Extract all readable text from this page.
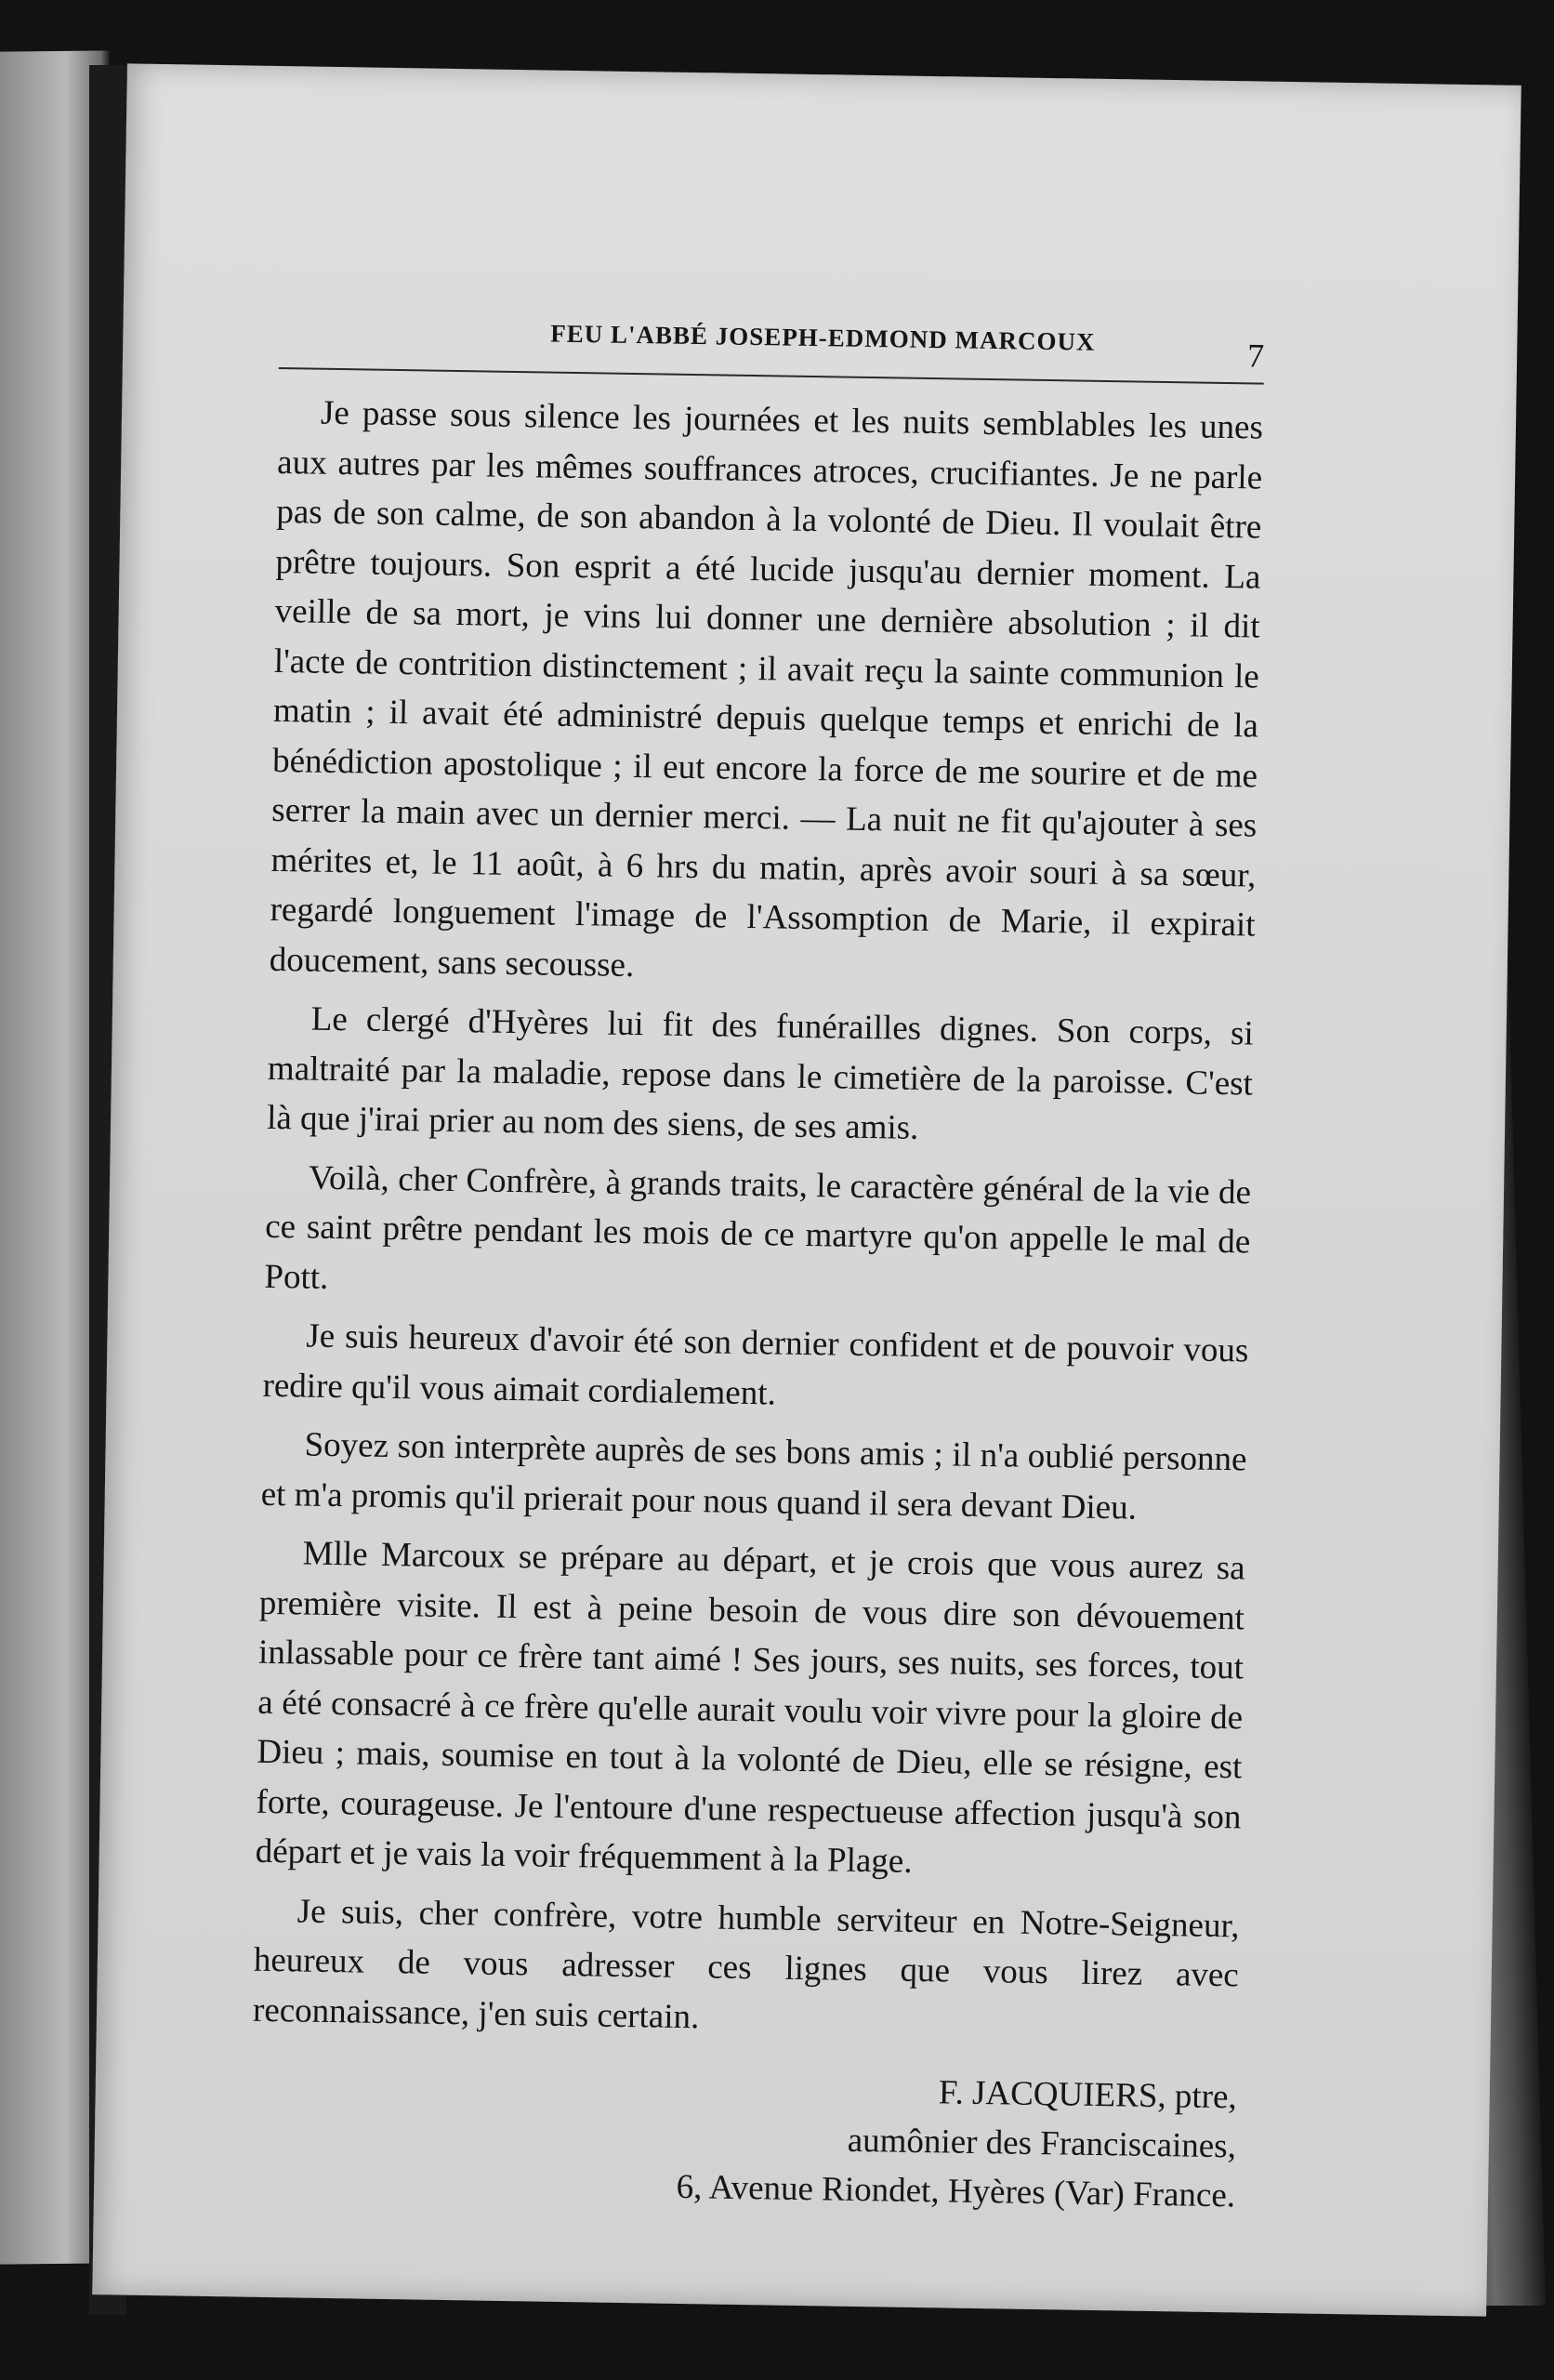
FEU L'ABBÉ JOSEPH-EDMOND MARCOUX	7

Je passe sous silence les journées et les nuits semblables les unes aux autres par les mêmes souffrances atroces, crucifiantes. Je ne parle pas de son calme, de son abandon à la volonté de Dieu. Il voulait être prêtre toujours. Son esprit a été lucide jusqu'au dernier moment. La veille de sa mort, je vins lui donner une dernière absolution ; il dit l'acte de contrition distinctement ; il avait reçu la sainte communion le matin ; il avait été administré depuis quelque temps et enrichi de la bénédiction apostolique ; il eut encore la force de me sourire et de me serrer la main avec un dernier merci. — La nuit ne fit qu'ajouter à ses mérites et, le 11 août, à 6 hrs du matin, après avoir souri à sa sœur, regardé longuement l'image de l'Assomption de Marie, il expirait doucement, sans secousse.

Le clergé d'Hyères lui fit des funérailles dignes. Son corps, si maltraité par la maladie, repose dans le cimetière de la paroisse. C'est là que j'irai prier au nom des siens, de ses amis.

Voilà, cher Confrère, à grands traits, le caractère général de la vie de ce saint prêtre pendant les mois de ce martyre qu'on appelle le mal de Pott.

Je suis heureux d'avoir été son dernier confident et de pouvoir vous redire qu'il vous aimait cordialement.

Soyez son interprète auprès de ses bons amis ; il n'a oublié personne et m'a promis qu'il prierait pour nous quand il sera devant Dieu.

Mlle Marcoux se prépare au départ, et je crois que vous aurez sa première visite. Il est à peine besoin de vous dire son dévouement inlassable pour ce frère tant aimé ! Ses jours, ses nuits, ses forces, tout a été consacré à ce frère qu'elle aurait voulu voir vivre pour la gloire de Dieu ; mais, soumise en tout à la volonté de Dieu, elle se résigne, est forte, courageuse. Je l'entoure d'une respectueuse affection jusqu'à son départ et je vais la voir fréquemment à la Plage.

Je suis, cher confrère, votre humble serviteur en Notre-Seigneur, heureux de vous adresser ces lignes que vous lirez avec reconnaissance, j'en suis certain.

F. JACQUIERS, ptre,
aumônier des Franciscaines,
6, Avenue Riondet, Hyères (Var) France.
